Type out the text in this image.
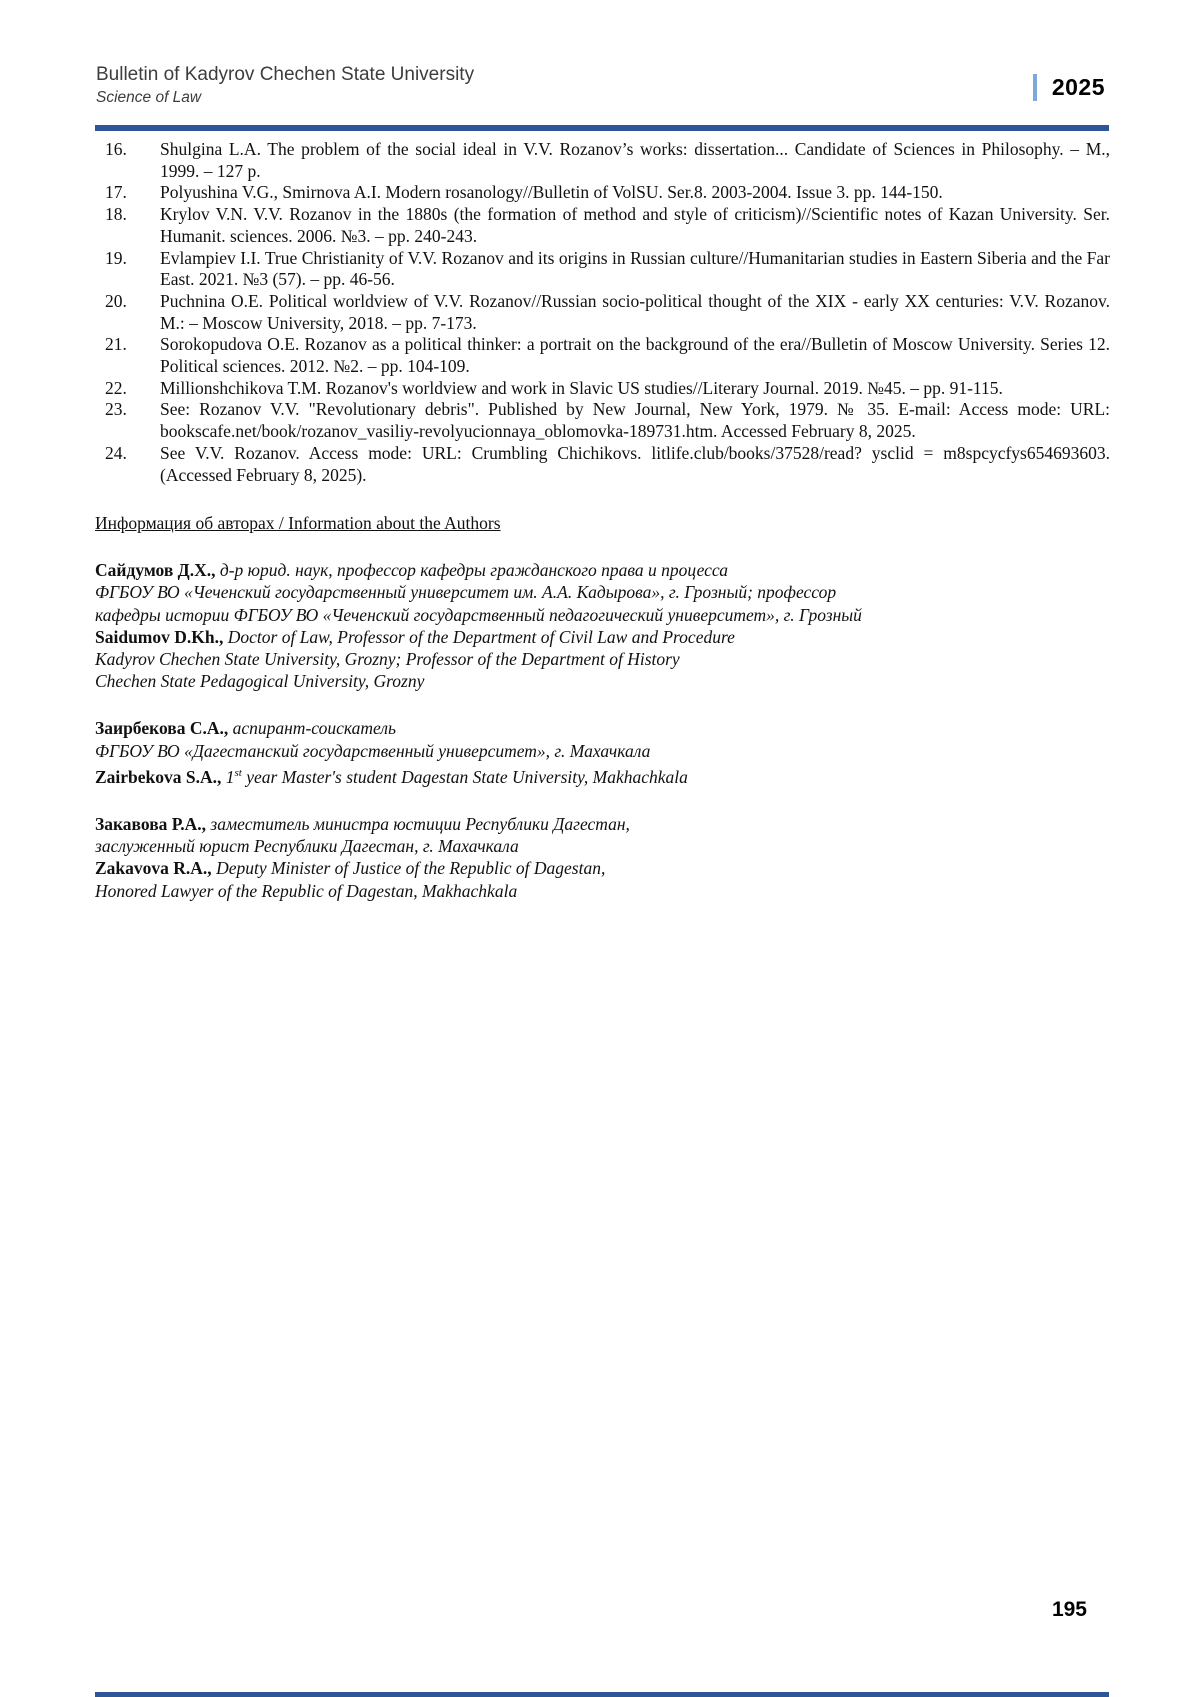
Bulletin of Kadyrov Chechen State University
Science of Law	2025
16.	Shulgina L.A. The problem of the social ideal in V.V. Rozanov’s works: dissertation... Candidate of Sciences in Philosophy. – M., 1999. – 127 p.
17.	Polyushina V.G., Smirnova A.I. Modern rosanology//Bulletin of VolSU. Ser.8. 2003-2004. Issue 3. pp. 144-150.
18.	Krylov V.N. V.V. Rozanov in the 1880s (the formation of method and style of criticism)//Scientific notes of Kazan University. Ser. Humanit. sciences. 2006. №3. – pp. 240-243.
19.	Evlampiev I.I. True Christianity of V.V. Rozanov and its origins in Russian culture//Humanitarian studies in Eastern Siberia and the Far East. 2021. №3 (57). – pp. 46-56.
20.	Puchnina O.E. Political worldview of V.V. Rozanov//Russian socio-political thought of the XIX - early XX centuries: V.V. Rozanov. M.: – Moscow University, 2018. – pp. 7-173.
21.	Sorokopudova O.E. Rozanov as a political thinker: a portrait on the background of the era//Bulletin of Moscow University. Series 12. Political sciences. 2012. №2. – pp. 104-109.
22.	Millionshchikova T.M. Rozanov's worldview and work in Slavic US studies//Literary Journal. 2019. №45. – pp. 91-115.
23.	See: Rozanov V.V. "Revolutionary debris". Published by New Journal, New York, 1979. № 35. E-mail: Access mode: URL: bookscafe.net/book/rozanov_vasiliy-revolyucionnaya_oblomovka-189731.htm. Accessed February 8, 2025.
24.	See V.V. Rozanov. Access mode: URL: Crumbling Chichikovs. litlife.club/books/37528/read? ysclid = m8spcycfys654693603. (Accessed February 8, 2025).
Информация об авторах / Information about the Authors

Сайдумов Д.Х., д-р юрид. наук, профессор кафедры гражданского права и процесса

ФГБОУ ВО «Чеченский государственный университет им. А.А. Кадырова», г. Грозный; профессор

кафедры истории ФГБОУ ВО «Чеченский государственный педагогический университет», г. Грозный

Saidumov D.Kh., Doctor of Law, Professor of the Department of Civil Law and Procedure

Kadyrov Chechen State University, Grozny; Professor of the Department of History

Chechen State Pedagogical University, Grozny

Заирбекова С.А., аспирант-соискатель

ФГБОУ ВО «Дагестанский государственный университет», г. Махачкала

Zairbekova S.A., 1st year Master's student Dagestan State University, Makhachkala

Закавова Р.А., заместитель министра юстиции Республики Дагестан,

заслуженный юрист Республики Дагестан, г. Махачкала

Zakavova R.A., Deputy Minister of Justice of the Republic of Dagestan,

Honored Lawyer of the Republic of Dagestan, Makhachkala

195
